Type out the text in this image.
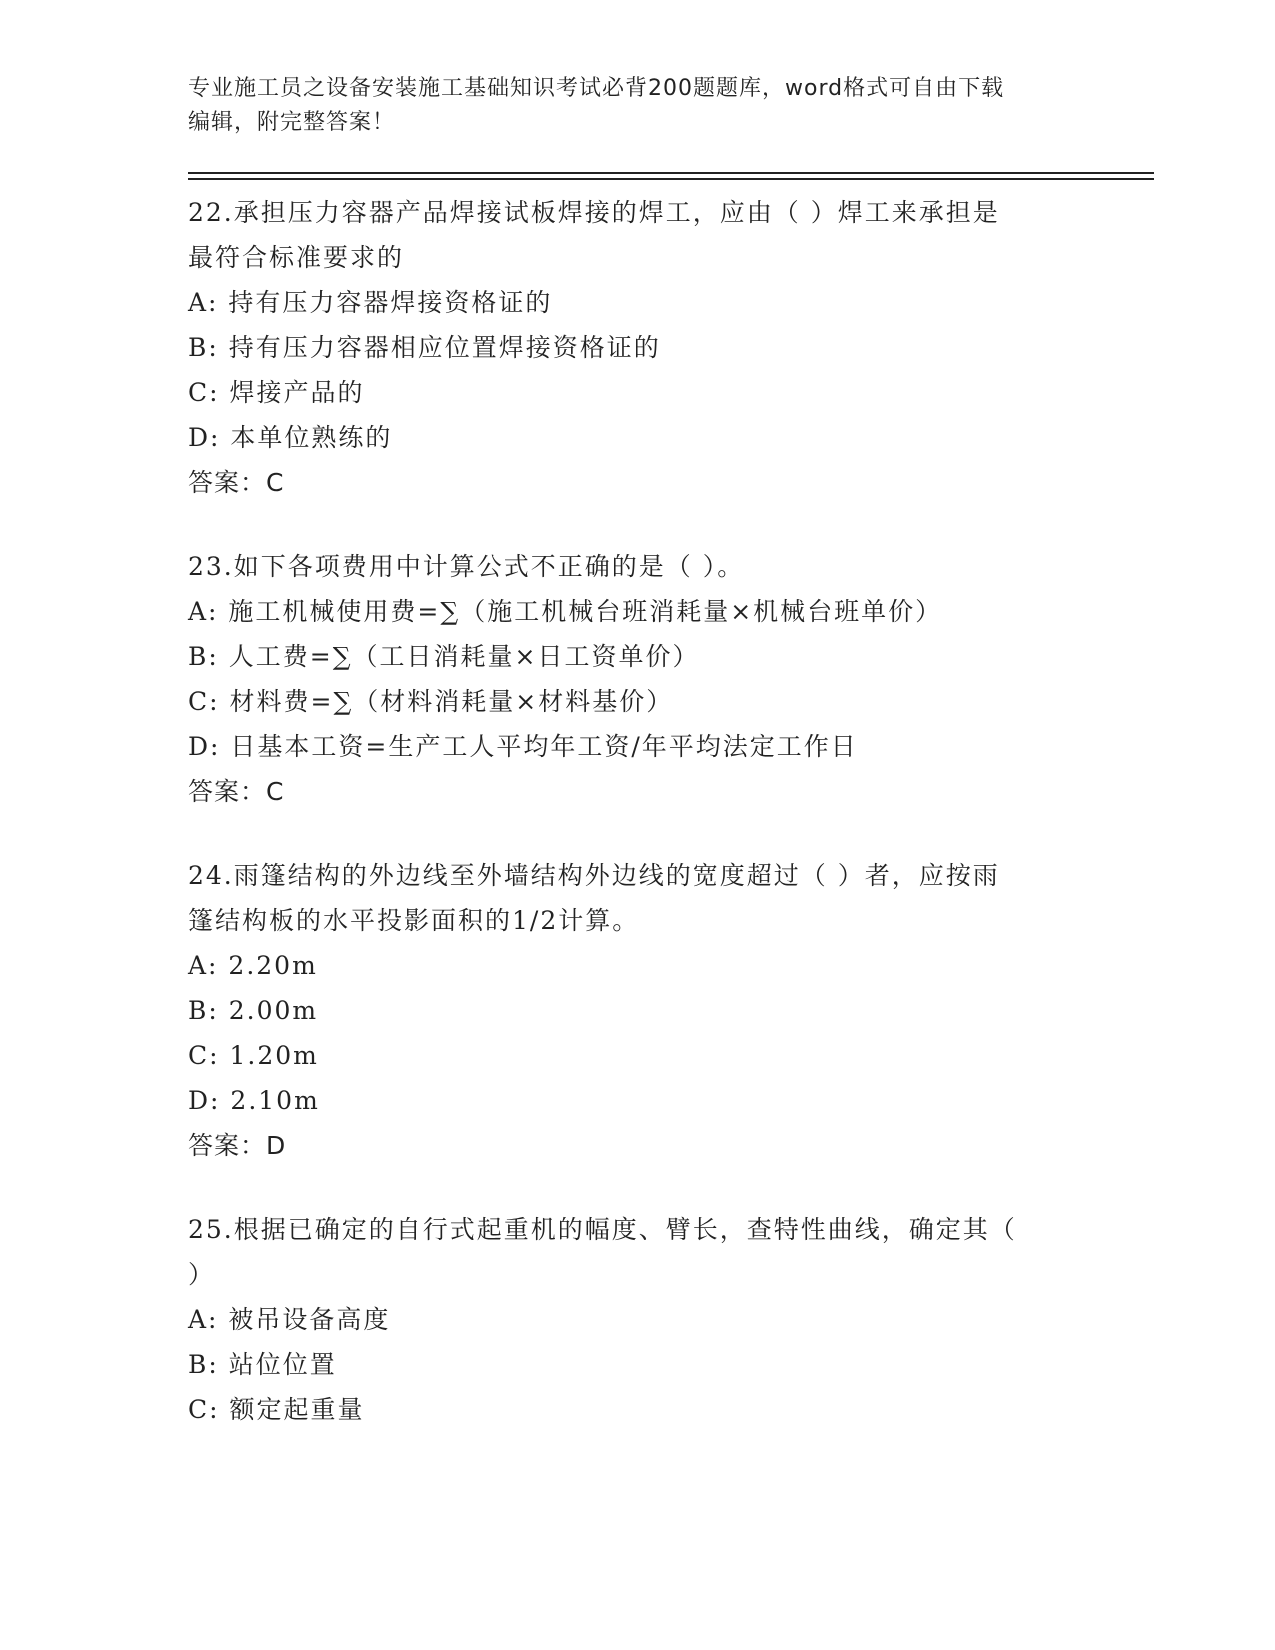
专业施工员之设备安装施工基础知识考试必背200题题库，word格式可自由下载
编辑，附完整答案！

22.承担压力容器产品焊接试板焊接的焊工，应由（ ）焊工来承担是

最符合标准要求的

A: 持有压力容器焊接资格证的

B: 持有压力容器相应位置焊接资格证的

C: 焊接产品的

D: 本单位熟练的

答案：C

23.如下各项费用中计算公式不正确的是（ ）。

A: 施工机械使用费=∑（施工机械台班消耗量×机械台班单价）

B: 人工费=∑（工日消耗量×日工资单价）

C: 材料费=∑（材料消耗量×材料基价）

D: 日基本工资=生产工人平均年工资/年平均法定工作日

答案：C

24.雨篷结构的外边线至外墙结构外边线的宽度超过（ ）者，应按雨

篷结构板的水平投影面积的1/2计算。

A: 2.20m

B: 2.00m

C: 1.20m

D: 2.10m

答案：D

25.根据已确定的自行式起重机的幅度、臂长，查特性曲线，确定其（

）

A: 被吊设备高度

B: 站位位置

C: 额定起重量
